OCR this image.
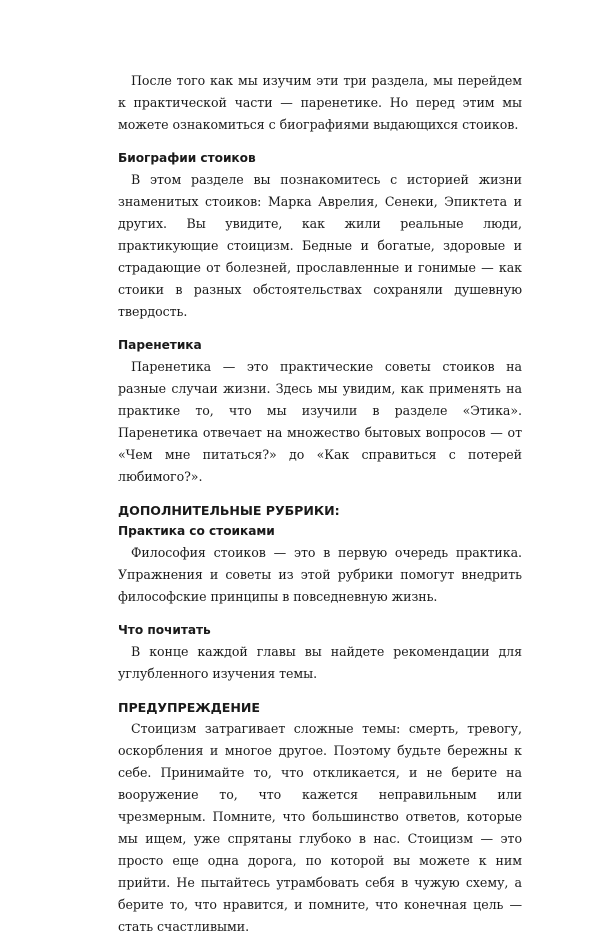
После того как мы изучим эти три раздела, мы перейдем к практической части — паренетике. Но перед этим мы можете ознакомиться с биографиями выдающихся стоиков.

Биографии стоиков

В этом разделе вы познакомитесь с историей жизни знаменитых стоиков: Марка Аврелия, Сенеки, Эпиктета и других. Вы увидите, как жили реальные люди, практикующие стоицизм. Бедные и богатые, здоровые и страдающие от болезней, прославленные и гонимые — как стоики в разных обстоятельствах сохраняли душевную твердость.

Паренетика

Паренетика — это практические советы стоиков на разные случаи жизни. Здесь мы увидим, как применять на практике то, что мы изучили в разделе «Этика». Паренетика отвечает на множество бытовых вопросов — от «Чем мне питаться?» до «Как справиться с потерей любимого?».

ДОПОЛНИТЕЛЬНЫЕ РУБРИКИ:
Практика со стоиками

Философия стоиков — это в первую очередь практика. Упражнения и советы из этой рубрики помогут внедрить философские принципы в повседневную жизнь.

Что почитать

В конце каждой главы вы найдете рекомендации для углубленного изучения темы.

ПРЕДУПРЕЖДЕНИЕ

Стоицизм затрагивает сложные темы: смерть, тревогу, оскорбления и многое другое. Поэтому будьте бережны к себе. Принимайте то, что откликается, и не берите на вооружение то, что кажется неправильным или чрезмерным. Помните, что большинство ответов, которые мы ищем, уже спрятаны глубоко в нас. Стоицизм — это просто еще одна дорога, по которой вы можете к ним прийти. Не пытайтесь утрамбовать себя в чужую схему, а берите то, что нравится, и помните, что конечная цель — стать счастливыми.
